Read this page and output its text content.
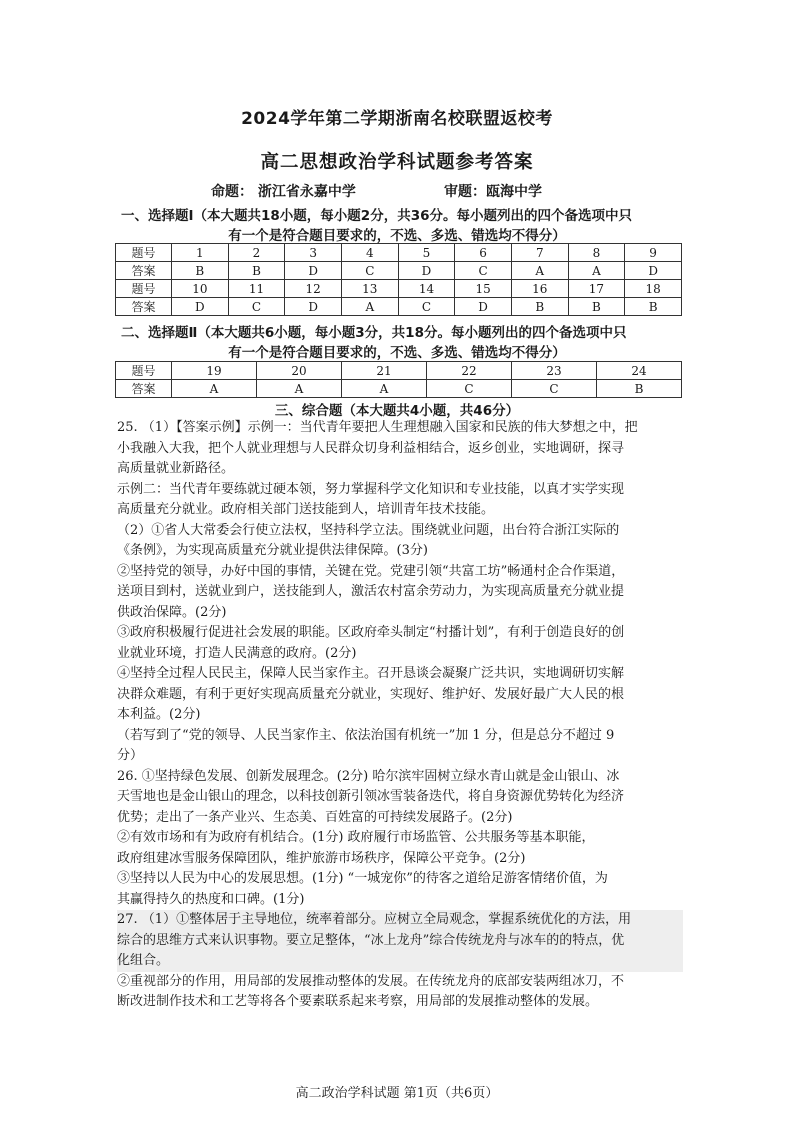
2024学年第二学期浙南名校联盟返校考
高二思想政治学科试题参考答案
命题： 浙江省永嘉中学	审题：瓯海中学
一、选择题Ⅰ（本大题共18小题，每小题2分，共36分。每小题列出的四个备选项中只
有一个是符合题目要求的，不选、多选、错选均不得分）
题号	1	2	3	4	5	6	7	8	9
答案	B	B	D	C	D	C	A	A	D
题号	10	11	12	13	14	15	16	17	18
答案	D	C	D	A	C	D	B	B	B
二、选择题Ⅱ（本大题共6小题，每小题3分，共18分。每小题列出的四个备选项中只
有一个是符合题目要求的，不选、多选、错选均不得分）
题号	19	20	21	22	23	24
答案	A	A	A	C	C	B
三、综合题（本大题共4小题，共46分）

25. （1）【答案示例】示例一：当代青年要把人生理想融入国家和民族的伟大梦想之中，把

小我融入大我，把个人就业理想与人民群众切身利益相结合，返乡创业，实地调研，探寻

高质量就业新路径。

示例二：当代青年要练就过硬本领，努力掌握科学文化知识和专业技能，以真才实学实现

高质量充分就业。政府相关部门送技能到人，培训青年技术技能。

（2）①省人大常委会行使立法权，坚持科学立法。围绕就业问题，出台符合浙江实际的

《条例》，为实现高质量充分就业提供法律保障。(3分)

②坚持党的领导，办好中国的事情，关键在党。党建引领“共富工坊”畅通村企合作渠道，

送项目到村，送就业到户，送技能到人，激活农村富余劳动力，为实现高质量充分就业提

供政治保障。(2分)

③政府积极履行促进社会发展的职能。区政府牵头制定“村播计划”，有利于创造良好的创

业就业环境，打造人民满意的政府。(2分)

④坚持全过程人民民主，保障人民当家作主。召开恳谈会凝聚广泛共识，实地调研切实解

决群众难题，有利于更好实现高质量充分就业，实现好、维护好、发展好最广大人民的根

本利益。(2分)

（若写到了“党的领导、人民当家作主、依法治国有机统一”加 1 分，但是总分不超过 9

分）

26. ①坚持绿色发展、创新发展理念。(2分) 哈尔滨牢固树立绿水青山就是金山银山、冰

天雪地也是金山银山的理念，以科技创新引领冰雪装备迭代，将自身资源优势转化为经济

优势；走出了一条产业兴、生态美、百姓富的可持续发展路子。(2分)

②有效市场和有为政府有机结合。(1分) 政府履行市场监管、公共服务等基本职能，

政府组建冰雪服务保障团队，维护旅游市场秩序，保障公平竞争。(2分)

③坚持以人民为中心的发展思想。(1分) “一城宠你”的待客之道给足游客情绪价值，为

其赢得持久的热度和口碑。(1分)

27. （1）①整体居于主导地位，统率着部分。应树立全局观念，掌握系统优化的方法，用

综合的思维方式来认识事物。要立足整体，“冰上龙舟”综合传统龙舟与冰车的的特点，优

化组合。

②重视部分的作用，用局部的发展推动整体的发展。在传统龙舟的底部安装两组冰刀，不

断改进制作技术和工艺等将各个要素联系起来考察，用局部的发展推动整体的发展。

高二政治学科试题 第1页（共6页）
